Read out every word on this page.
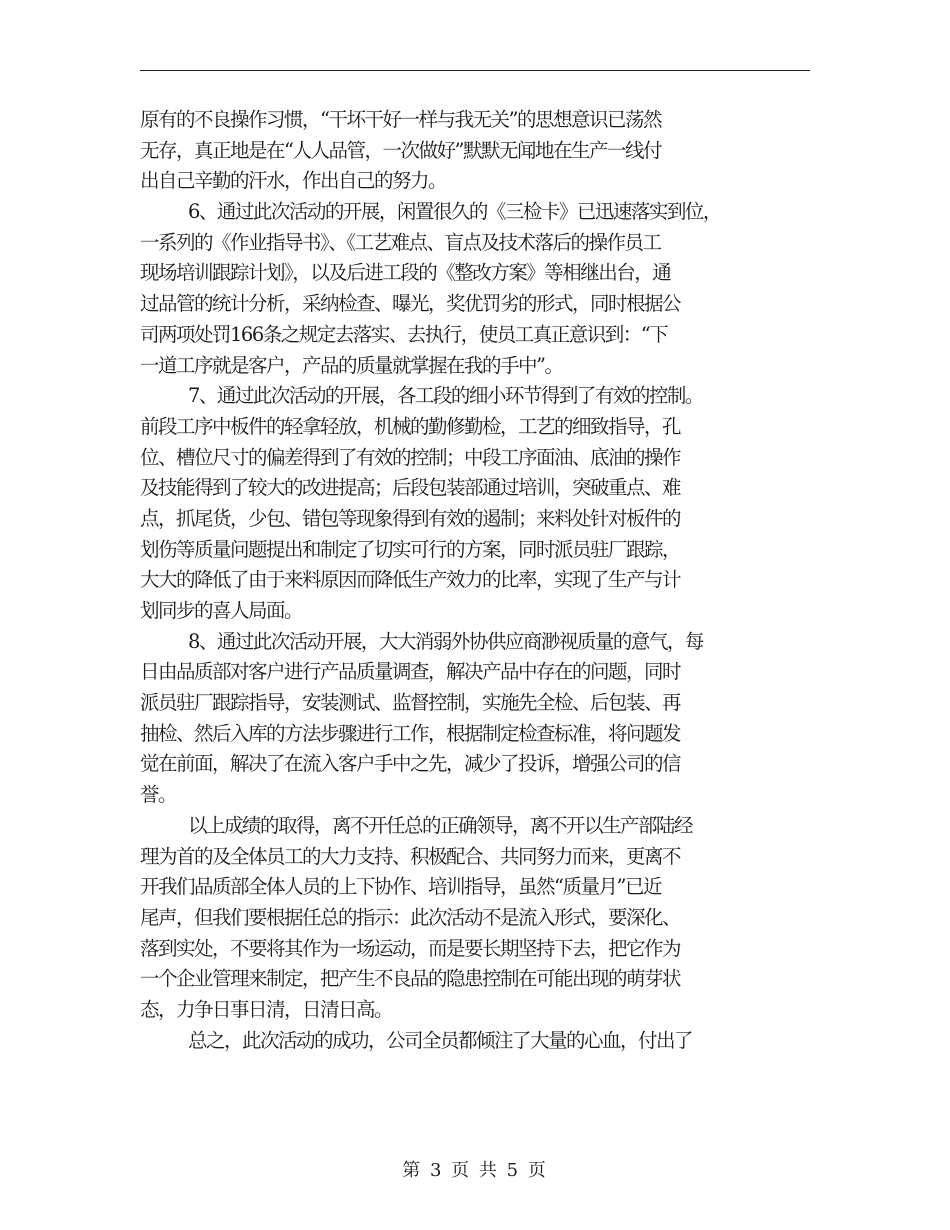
原有的不良操作习惯，“干坏干好一样与我无关”的思想意识已荡然
无存，真正地是在“人人品管，一次做好”默默无闻地在生产一线付
出自己辛勤的汗水，作出自己的努力。
6、通过此次活动的开展，闲置很久的《三检卡》已迅速落实到位，
一系列的《作业指导书》、《工艺难点、盲点及技术落后的操作员工
现场培训跟踪计划》，以及后进工段的《整改方案》等相继出台，通
过品管的统计分析，采纳检查、曝光，奖优罚劣的形式，同时根据公
司两项处罚166条之规定去落实、去执行，使员工真正意识到：“下
一道工序就是客户，产品的质量就掌握在我的手中”。
7、通过此次活动的开展，各工段的细小环节得到了有效的控制。
前段工序中板件的轻拿轻放，机械的勤修勤检，工艺的细致指导，孔
位、槽位尺寸的偏差得到了有效的控制；中段工序面油、底油的操作
及技能得到了较大的改进提高；后段包装部通过培训，突破重点、难
点，抓尾货，少包、错包等现象得到有效的遏制；来料处针对板件的
划伤等质量问题提出和制定了切实可行的方案，同时派员驻厂跟踪，
大大的降低了由于来料原因而降低生产效力的比率，实现了生产与计
划同步的喜人局面。
8、通过此次活动开展，大大消弱外协供应商渺视质量的意气，每
日由品质部对客户进行产品质量调查，解决产品中存在的问题，同时
派员驻厂跟踪指导，安装测试、监督控制，实施先全检、后包装、再
抽检、然后入库的方法步骤进行工作，根据制定检查标准，将问题发
觉在前面，解决了在流入客户手中之先，减少了投诉，增强公司的信
誉。
以上成绩的取得，离不开任总的正确领导，离不开以生产部陆经
理为首的及全体员工的大力支持、积极配合、共同努力而来，更离不
开我们品质部全体人员的上下协作、培训指导，虽然“质量月”已近
尾声，但我们要根据任总的指示：此次活动不是流入形式，要深化、
落到实处，不要将其作为一场运动，而是要长期坚持下去，把它作为
一个企业管理来制定，把产生不良品的隐患控制在可能出现的萌芽状
态，力争日事日清，日清日高。
总之，此次活动的成功，公司全员都倾注了大量的心血，付出了
第 3 页 共 5 页
